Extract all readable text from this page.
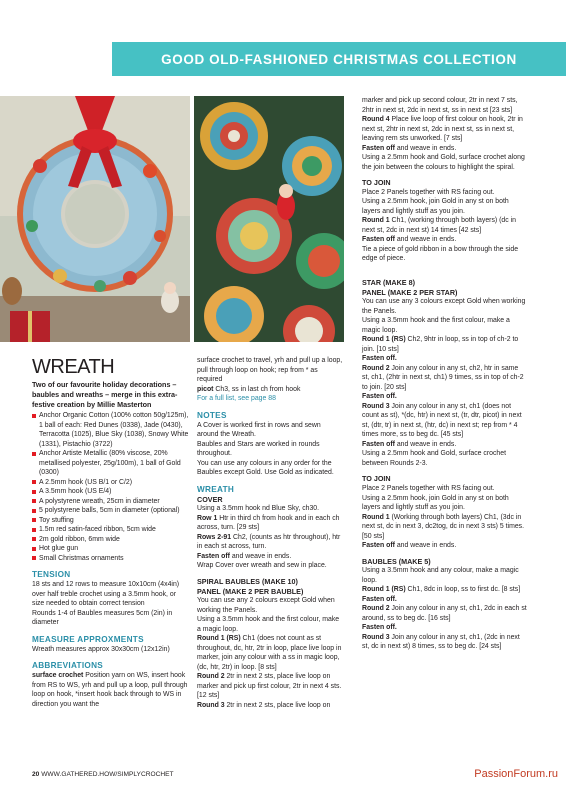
GOOD OLD-FASHIONED CHRISTMAS COLLECTION
WREATH

Two of our favourite holiday decorations – baubles and wreaths – merge in this extra-festive creation by Millie Masterton

Anchor Organic Cotton (100% cotton 50g/125m), 1 ball of each: Red Dunes (0338), Jade (0430), Terracotta (1025), Blue Sky (1038), Snowy White (1331), Pistachio (3722)
Anchor Artiste Metallic (80% viscose, 20% metallised polyester, 25g/100m), 1 ball of Gold (0300)
A 2.5mm hook (US B/1 or C/2)
A 3.5mm hook (US E/4)
A polystyrene wreath, 25cm in diameter
5 polystyrene balls, 5cm in diameter (optional)
Toy stuffing
1.5m red satin-faced ribbon, 5cm wide
2m gold ribbon, 6mm wide
Hot glue gun
Small Christmas ornaments
TENSION

18 sts and 12 rows to measure 10x10cm (4x4in) over half treble crochet using a 3.5mm hook, or size needed to obtain correct tension

Rounds 1-4 of Baubles measures 5cm (2in) in diameter

MEASURE APPROXMENTS

Wreath measures approx 30x30cm (12x12in)

ABBREVIATIONS

surface crochet Position yarn on WS, insert hook from RS to WS, yrh and pull up a loop, pull through loop on hook, *insert hook back through to WS in direction you want the

surface crochet to travel, yrh and pull up a loop, pull through loop on hook; rep from * as required

picot Ch3, ss in last ch from hook

For a full list, see page 88

NOTES

A Cover is worked first in rows and sewn around the Wreath.

Baubles and Stars are worked in rounds throughout.

You can use any colours in any order for the Baubles except Gold. Use Gold as indicated.

WREATH
COVER

Using a 3.5mm hook nd Blue Sky, ch30.

Row 1 Htr in third ch from hook and in each ch across, turn. [29 sts]

Rows 2-91 Ch2, (counts as htr throughout), htr in each st across, turn.

Fasten off and weave in ends.

Wrap Cover over wreath and sew in place.

SPIRAL BAUBLES (MAKE 10)
PANEL (MAKE 2 PER BAUBLE)

You can use any 2 colours except Gold when working the Panels.

Using a 3.5mm hook and the first colour, make a magic loop.

Round 1 (RS) Ch1 (does not count as st throughout, dc, htr, 2tr in loop, place live loop in marker, join any colour with a ss in magic loop, (dc, htr, 2tr) in loop. [8 sts]

Round 2 2tr in next 2 sts, place live loop on marker and pick up first colour, 2tr in next 4 sts. [12 sts]

Round 3 2tr in next 2 sts, place live loop on

marker and pick up second colour, 2tr in next 7 sts, 2htr in next st, 2dc in next st, ss in next st [23 sts]

Round 4 Place live loop of first colour on hook, 2tr in next st, 2htr in next st, 2dc in next st, ss in next st, leaving rem sts unworked. [7 sts]

Fasten off and weave in ends.

Using a 2.5mm hook and Gold, surface crochet along the join between the colours to highlight the spiral.

TO JOIN

Place 2 Panels together with RS facing out.

Using a 2.5mm hook, join Gold in any st on both layers and lightly stuff as you join.

Round 1 Ch1, (working through both layers) (dc in next st, 2dc in next st) 14 times [42 sts]

Fasten off and weave in ends.

Tie a piece of gold ribbon in a bow through the side edge of piece.

STAR (MAKE 8)
PANEL (MAKE 2 PER STAR)

You can use any 3 colours except Gold when working the Panels.

Using a 3.5mm hook and the first colour, make a magic loop.

Round 1 (RS) Ch2, 9htr in loop, ss in top of ch-2 to join. [10 sts]

Fasten off.

Round 2 Join any colour in any st, ch2, htr in same st, ch1, (2htr in next st, ch1) 9 times, ss in top of ch-2 to join. [20 sts]

Fasten off.

Round 3 Join any colour in any st, ch1 (does not count as st), *(dc, htr) in next st, (tr, dtr, picot) in next st, (dtr, tr) in next st, (htr, dc) in next st; rep from * 4 times more, ss to beg dc. [45 sts]

Fasten off and weave in ends.

Using a 2.5mm hook and Gold, surface crochet between Rounds 2-3.

TO JOIN

Place 2 Panels together with RS facing out.

Using a 2.5mm hook, join Gold in any st on both layers and lightly stuff as you join.

Round 1 (Working through both layers) Ch1, (3dc in next st, dc in next 3, dc2tog, dc in next 3 sts) 5 times. [50 sts]

Fasten off and weave in ends.

BAUBLES (MAKE 5)

Using a 3.5mm hook and any colour, make a magic loop.

Round 1 (RS) Ch1, 8dc in loop, ss to first dc. [8 sts]

Fasten off.

Round 2 Join any colour in any st, ch1, 2dc in each st around, ss to beg dc. [16 sts]

Fasten off.

Round 3 Join any colour in any st, ch1, (2dc in next st, dc in next st) 8 times, ss to beg dc. [24 sts]

20 WWW.GATHERED.HOW/SIMPLYCROCHET	PassionForum.ru
